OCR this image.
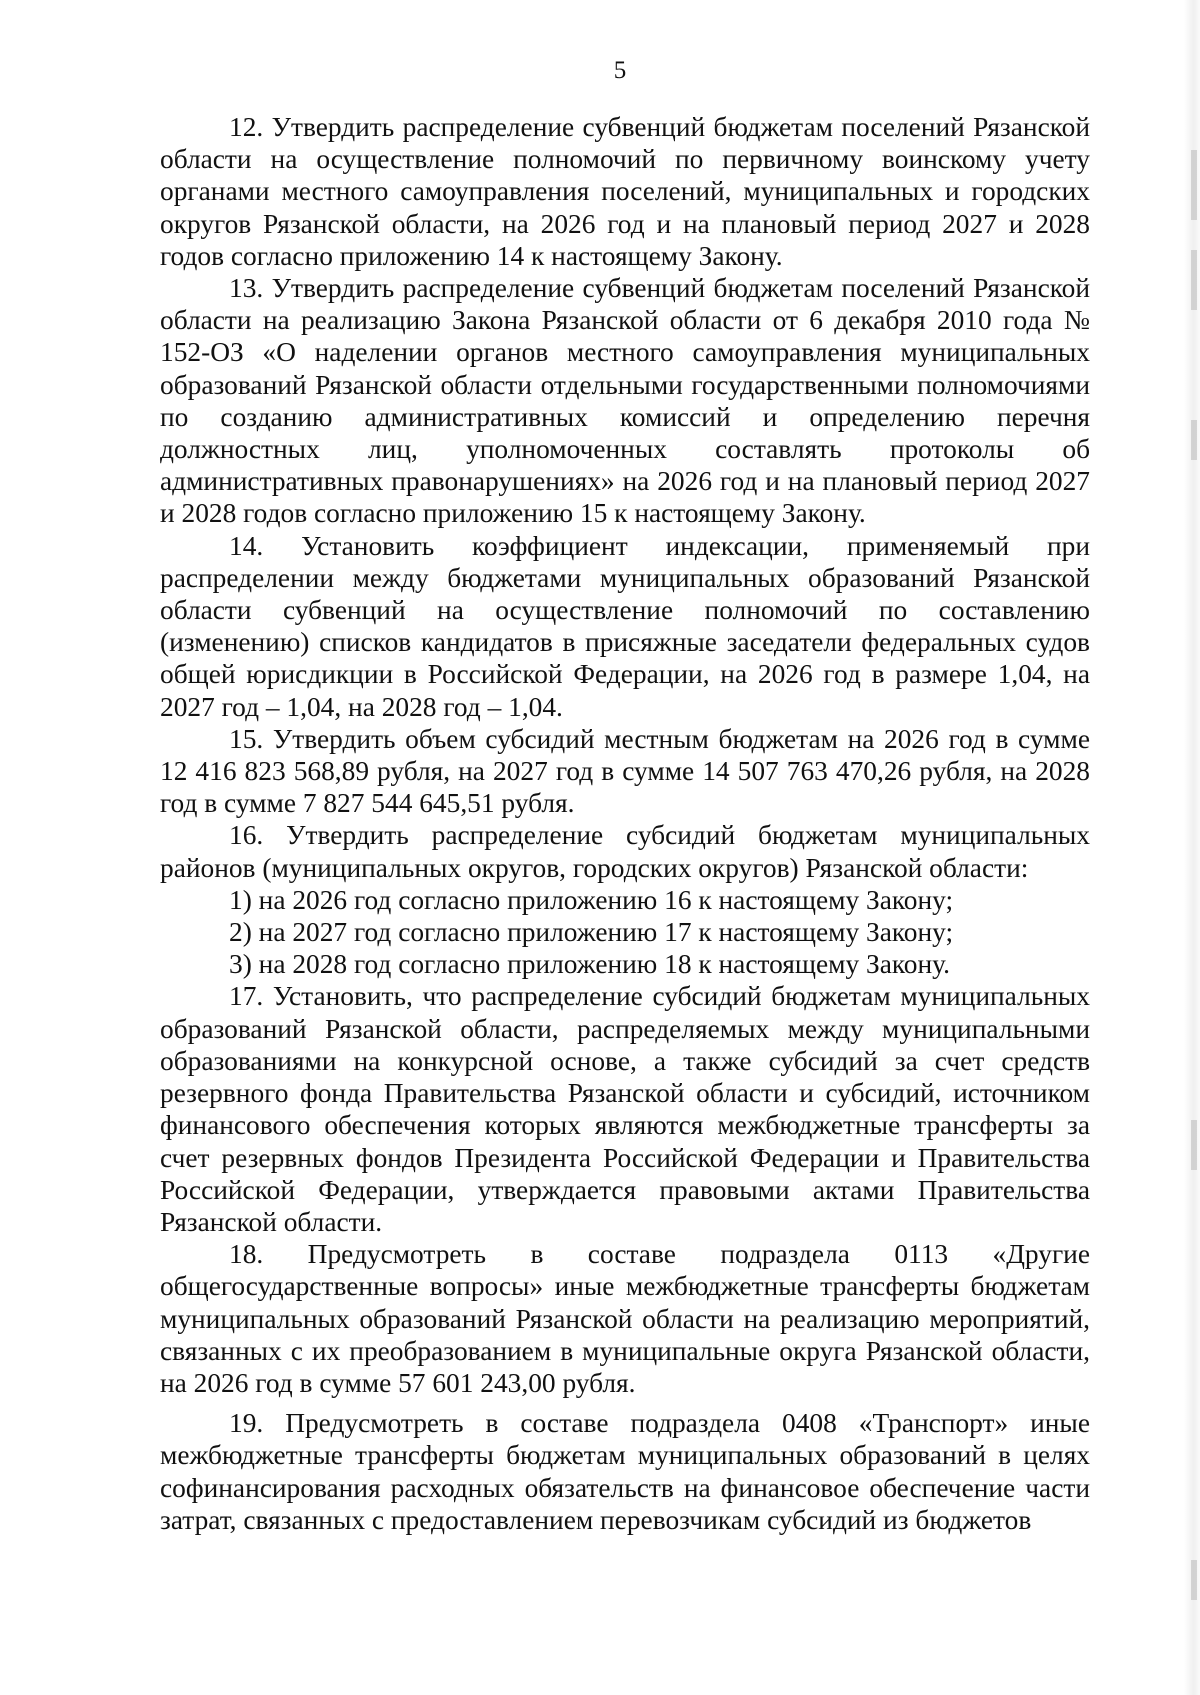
5

12. Утвердить распределение субвенций бюджетам поселений Рязанской области на осуществление полномочий по первичному воинскому учету органами местного самоуправления поселений, муниципальных и городских округов Рязанской области, на 2026 год и на плановый период 2027 и 2028 годов согласно приложению 14 к настоящему Закону.

13. Утвердить распределение субвенций бюджетам поселений Рязанской области на реализацию Закона Рязанской области от 6 декабря 2010 года № 152-ОЗ «О наделении органов местного самоуправления муниципальных образований Рязанской области отдельными государственными полномочиями по созданию административных комиссий и определению перечня должностных лиц, уполномоченных составлять протоколы об административных правонарушениях» на 2026 год и на плановый период 2027 и 2028 годов согласно приложению 15 к настоящему Закону.

14. Установить коэффициент индексации, применяемый при распределении между бюджетами муниципальных образований Рязанской области субвенций на осуществление полномочий по составлению (изменению) списков кандидатов в присяжные заседатели федеральных судов общей юрисдикции в Российской Федерации, на 2026 год в размере 1,04, на 2027 год – 1,04, на 2028 год – 1,04.

15. Утвердить объем субсидий местным бюджетам на 2026 год в сумме 12 416 823 568,89 рубля, на 2027 год в сумме 14 507 763 470,26 рубля, на 2028 год в сумме 7 827 544 645,51 рубля.

16. Утвердить распределение субсидий бюджетам муниципальных районов (муниципальных округов, городских округов) Рязанской области:

1) на 2026 год согласно приложению 16 к настоящему Закону;

2) на 2027 год согласно приложению 17 к настоящему Закону;

3) на 2028 год согласно приложению 18 к настоящему Закону.

17. Установить, что распределение субсидий бюджетам муниципальных образований Рязанской области, распределяемых между муниципальными образованиями на конкурсной основе, а также субсидий за счет средств резервного фонда Правительства Рязанской области и субсидий, источником финансового обеспечения которых являются межбюджетные трансферты за счет резервных фондов Президента Российской Федерации и Правительства Российской Федерации, утверждается правовыми актами Правительства Рязанской области.

18. Предусмотреть в составе подраздела 0113 «Другие общегосударственные вопросы» иные межбюджетные трансферты бюджетам муниципальных образований Рязанской области на реализацию мероприятий, связанных с их преобразованием в муниципальные округа Рязанской области, на 2026 год в сумме 57 601 243,00 рубля.

19. Предусмотреть в составе подраздела 0408 «Транспорт» иные межбюджетные трансферты бюджетам муниципальных образований в целях софинансирования расходных обязательств на финансовое обеспечение части затрат, связанных с предоставлением перевозчикам субсидий из бюджетов
